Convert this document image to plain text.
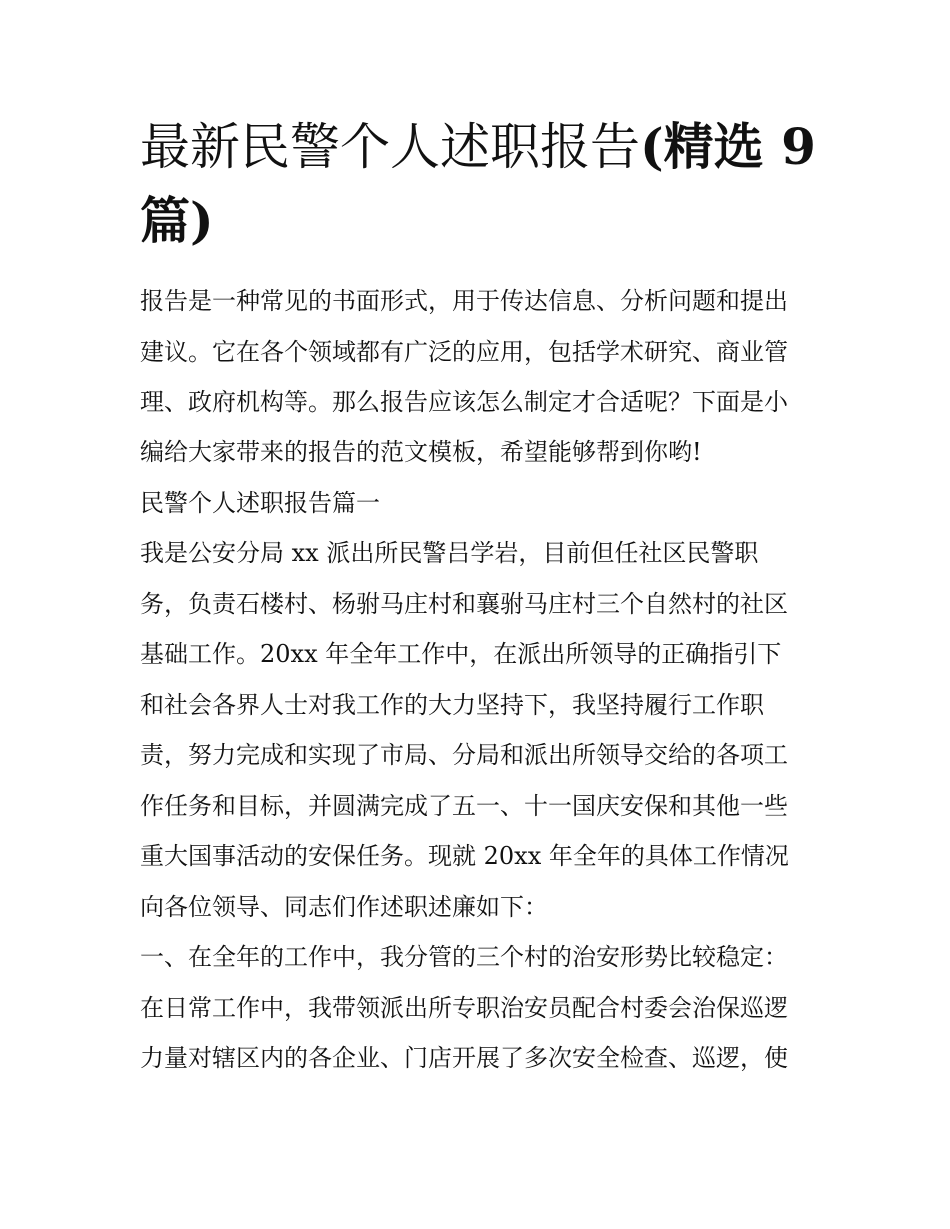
最新民警个人述职报告(精选 9
篇)

报告是一种常见的书面形式，用于传达信息、分析问题和提出

建议。它在各个领域都有广泛的应用，包括学术研究、商业管

理、政府机构等。那么报告应该怎么制定才合适呢？下面是小

编给大家带来的报告的范文模板，希望能够帮到你哟!

民警个人述职报告篇一

我是公安分局 xx 派出所民警吕学岩，目前但任社区民警职

务，负责石楼村、杨驸马庄村和襄驸马庄村三个自然村的社区

基础工作。20xx 年全年工作中，在派出所领导的正确指引下

和社会各界人士对我工作的大力坚持下，我坚持履行工作职

责，努力完成和实现了市局、分局和派出所领导交给的各项工

作任务和目标，并圆满完成了五一、十一国庆安保和其他一些

重大国事活动的安保任务。现就 20xx 年全年的具体工作情况

向各位领导、同志们作述职述廉如下：

一、在全年的工作中，我分管的三个村的治安形势比较稳定：

在日常工作中，我带领派出所专职治安员配合村委会治保巡逻

力量对辖区内的各企业、门店开展了多次安全检查、巡逻，使
